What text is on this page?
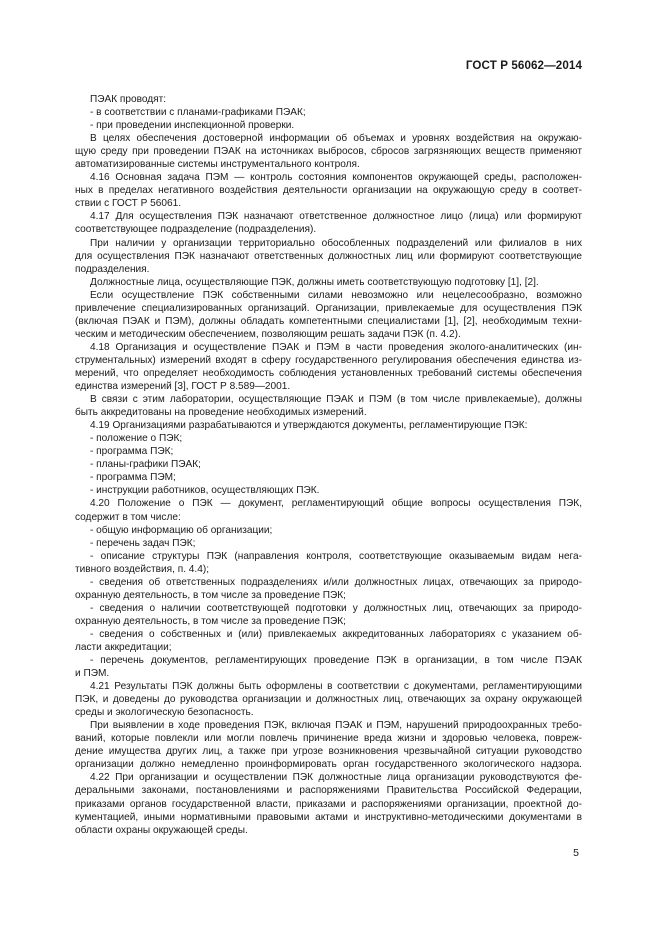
ГОСТ Р 56062—2014
ПЭАК проводят:
- в соответствии с планами-графиками ПЭАК;
- при проведении инспекционной проверки.
В целях обеспечения достоверной информации об объемах и уровнях воздействия на окружаю-
щую среду при проведении ПЭАК на источниках выбросов, сбросов загрязняющих веществ применяют
автоматизированные системы инструментального контроля.
4.16 Основная задача ПЭМ — контроль состояния компонентов окружающей среды, расположен-
ных в пределах негативного воздействия деятельности организации на окружающую среду в соответ-
ствии с ГОСТ Р 56061.
4.17 Для осуществления ПЭК назначают ответственное должностное лицо (лица) или формируют
соответствующее подразделение (подразделения).
При наличии у организации территориально обособленных подразделений или филиалов в них
для осуществления ПЭК назначают ответственных должностных лиц или формируют соответствующие
подразделения.
Должностные лица, осуществляющие ПЭК, должны иметь соответствующую подготовку [1], [2].
Если осуществление ПЭК собственными силами невозможно или нецелесообразно, возможно
привлечение специализированных организаций. Организации, привлекаемые для осуществления ПЭК
(включая ПЭАК и ПЭМ), должны обладать компетентными специалистами [1], [2], необходимым техни-
ческим и методическим обеспечением, позволяющим решать задачи ПЭК (п. 4.2).
4.18 Организация и осуществление ПЭАК и ПЭМ в части проведения эколого-аналитических (ин-
струментальных) измерений входят в сферу государственного регулирования обеспечения единства из-
мерений, что определяет необходимость соблюдения установленных требований системы обеспечения
единства измерений [3], ГОСТ Р 8.589—2001.
В связи с этим лаборатории, осуществляющие ПЭАК и ПЭМ (в том числе привлекаемые), должны
быть аккредитованы на проведение необходимых измерений.
4.19 Организациями разрабатываются и утверждаются документы, регламентирующие ПЭК:
- положение о ПЭК;
- программа ПЭК;
- планы-графики ПЭАК;
- программа ПЭМ;
- инструкции работников, осуществляющих ПЭК.
4.20 Положение о ПЭК — документ, регламентирующий общие вопросы осуществления ПЭК,
содержит в том числе:
- общую информацию об организации;
- перечень задач ПЭК;
- описание структуры ПЭК (направления контроля, соответствующие оказываемым видам нега-
тивного воздействия, п. 4.4);
- сведения об ответственных подразделениях и/или должностных лицах, отвечающих за природо-
охранную деятельность, в том числе за проведение ПЭК;
- сведения о наличии соответствующей подготовки у должностных лиц, отвечающих за природо-
охранную деятельность, в том числе за проведение ПЭК;
- сведения о собственных и (или) привлекаемых аккредитованных лабораториях с указанием об-
ласти аккредитации;
- перечень документов, регламентирующих проведение ПЭК в организации, в том числе ПЭАК
и ПЭМ.
4.21 Результаты ПЭК должны быть оформлены в соответствии с документами, регламентирующими
ПЭК, и доведены до руководства организации и должностных лиц, отвечающих за охрану окружающей
среды и экологическую безопасность.
При выявлении в ходе проведения ПЭК, включая ПЭАК и ПЭМ, нарушений природоохранных требо-
ваний, которые повлекли или могли повлечь причинение вреда жизни и здоровью человека, повреж-
дение имущества других лиц, а также при угрозе возникновения чрезвычайной ситуации руководство
организации должно немедленно проинформировать орган государственного экологического надзора.
4.22 При организации и осуществлении ПЭК должностные лица организации руководствуются фе-
деральными законами, постановлениями и распоряжениями Правительства Российской Федерации,
приказами органов государственной власти, приказами и распоряжениями организации, проектной до-
кументацией, иными нормативными правовыми актами и инструктивно-методическими документами в
области охраны окружающей среды.
5
